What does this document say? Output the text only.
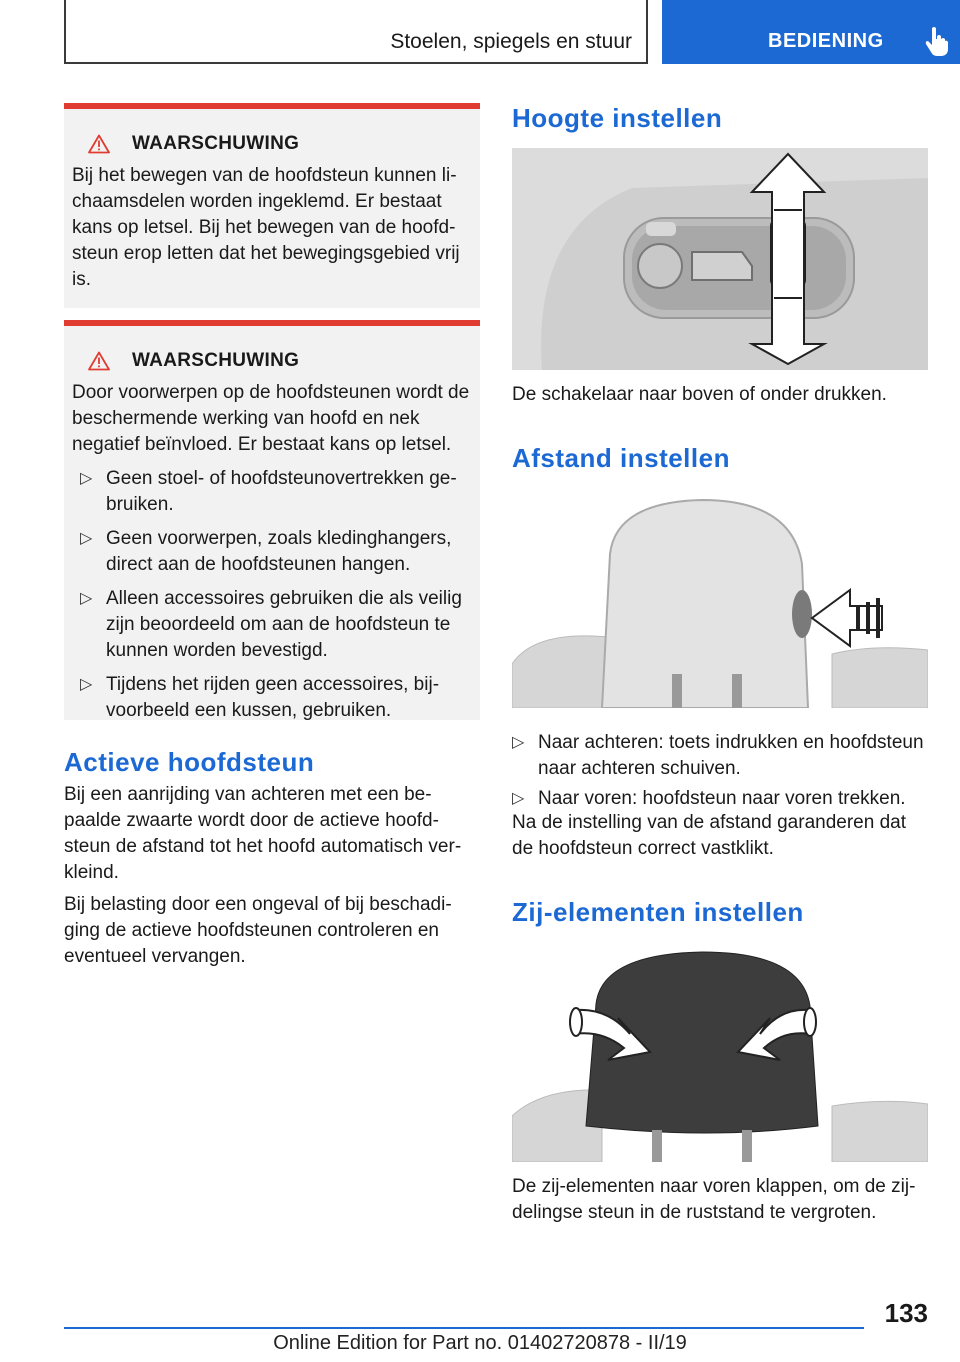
Stoelen, spiegels en stuur	BEDIENING
WAARSCHUWING
Bij het bewegen van de hoofdsteun kunnen lichaamsdelen worden ingeklemd. Er bestaat kans op letsel. Bij het bewegen van de hoofdsteun erop letten dat het bewegingsgebied vrij is.
WAARSCHUWING
Door voorwerpen op de hoofdsteunen wordt de beschermende werking van hoofd en nek negatief beïnvloed. Er bestaat kans op letsel.
▷ Geen stoel- of hoofdsteunovertrekken gebruiken.
▷ Geen voorwerpen, zoals kledinghangers, direct aan de hoofdsteunen hangen.
▷ Alleen accessoires gebruiken die als veilig zijn beoordeeld om aan de hoofdsteun te kunnen worden bevestigd.
▷ Tijdens het rijden geen accessoires, bijvoorbeeld een kussen, gebruiken.
Actieve hoofdsteun
Bij een aanrijding van achteren met een bepaalde zwaarte wordt door de actieve hoofdsteun de afstand tot het hoofd automatisch verkleind.
Bij belasting door een ongeval of bij beschadiging de actieve hoofdsteunen controleren en eventueel vervangen.
Hoogte instellen
De schakelaar naar boven of onder drukken.
Afstand instellen
▷ Naar achteren: toets indrukken en hoofdsteun naar achteren schuiven.
▷ Naar voren: hoofdsteun naar voren trekken.
Na de instelling van de afstand garanderen dat de hoofdsteun correct vastklikt.
Zij-elementen instellen
De zij-elementen naar voren klappen, om de zijdelingse steun in de ruststand te vergroten.
133
Online Edition for Part no. 01402720878 - II/19
